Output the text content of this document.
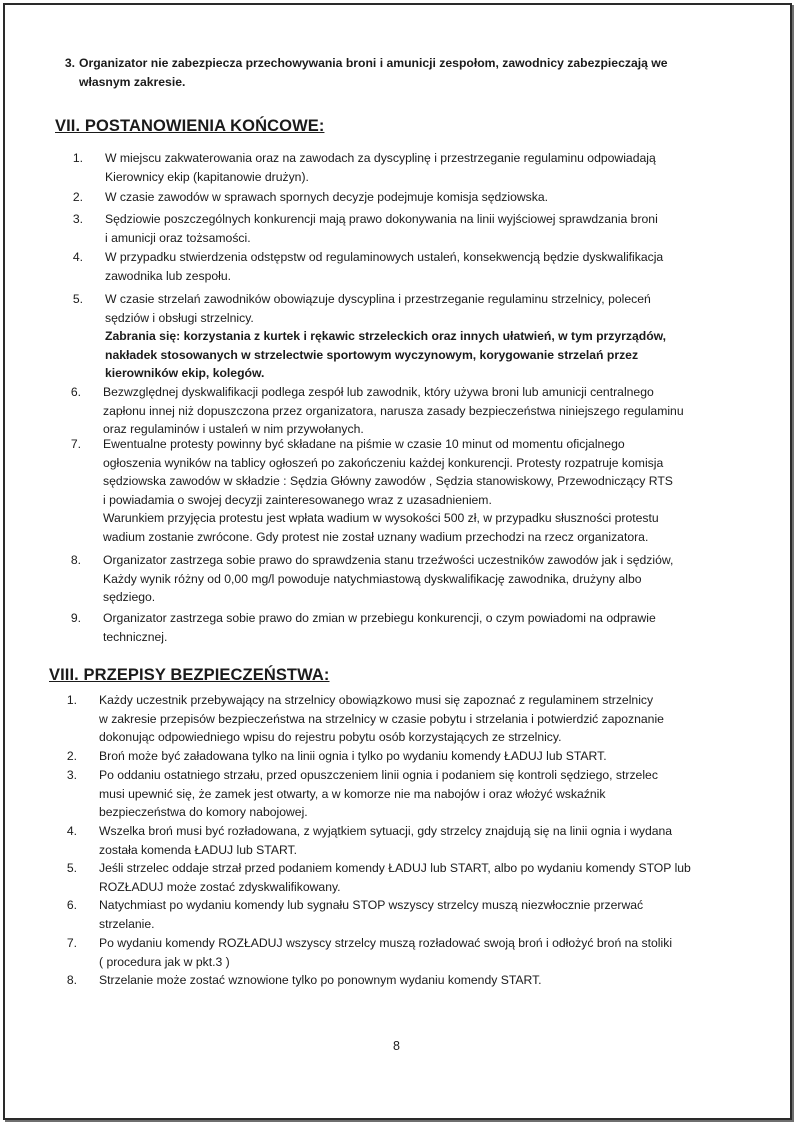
3. Organizator nie zabezpiecza przechowywania broni i amunicji zespołom, zawodnicy zabezpieczają we
własnym zakresie.
VII. POSTANOWIENIA KOŃCOWE:
1. W miejscu zakwaterowania oraz na zawodach za dyscyplinę i przestrzeganie regulaminu odpowiadają
Kierownicy ekip (kapitanowie drużyn).
2. W czasie zawodów w sprawach spornych decyzje podejmuje komisja sędziowska.
3. Sędziowie poszczególnych konkurencji mają prawo dokonywania na linii wyjściowej sprawdzania broni
i amunicji oraz tożsamości.
4. W przypadku stwierdzenia odstępstw od regulaminowych ustaleń, konsekwencją będzie dyskwalifikacja
zawodnika lub zespołu.
5. W czasie strzelań zawodników obowiązuje dyscyplina i przestrzeganie regulaminu strzelnicy, poleceń
sędziów i obsługi strzelnicy.
Zabrania się: korzystania z kurtek i rękawic strzeleckich oraz innych ułatwień, w tym przyrządów,
nakładek stosowanych w strzelectwie sportowym wyczynowym, korygowanie strzelań przez
kierowników ekip, kolegów.
6. Bezwzględnej dyskwalifikacji podlega zespół lub zawodnik, który używa broni lub amunicji centralnego
zapłonu innej niż dopuszczona przez organizatora, narusza zasady bezpieczeństwa niniejszego regulaminu
oraz regulaminów i ustaleń w nim przywołanych.
7. Ewentualne protesty powinny być składane na piśmie w czasie 10 minut od momentu oficjalnego
ogłoszenia wyników na tablicy ogłoszeń po zakończeniu każdej konkurencji. Protesty rozpatruje komisja
sędziowska zawodów w składzie : Sędzia Główny zawodów , Sędzia stanowiskowy, Przewodniczący RTS
i powiadamia o swojej decyzji zainteresowanego wraz z uzasadnieniem.
Warunkiem przyjęcia protestu jest wpłata wadium w wysokości 500 zł, w przypadku słuszności protestu
wadium zostanie zwrócone. Gdy protest nie został uznany wadium przechodzi na rzecz organizatora.
8. Organizator zastrzega sobie prawo do sprawdzenia stanu trzeźwości uczestników zawodów jak i sędziów,
Każdy wynik różny od 0,00 mg/l powoduje natychmiastową dyskwalifikację zawodnika, drużyny albo
sędziego.
9. Organizator zastrzega sobie prawo do zmian w przebiegu konkurencji, o czym powiadomi na odprawie
technicznej.
VIII. PRZEPISY BEZPIECZEŃSTWA:
1. Każdy uczestnik przebywający na strzelnicy obowiązkowo musi się zapoznać z regulaminem strzelnicy
w zakresie przepisów bezpieczeństwa na strzelnicy w czasie pobytu i strzelania i potwierdzić zapoznanie
dokonując odpowiedniego wpisu do rejestru pobytu osób korzystających ze strzelnicy.
2. Broń może być załadowana tylko na linii ognia i tylko po wydaniu komendy ŁADUJ lub START.
3. Po oddaniu ostatniego strzału, przed opuszczeniem linii ognia i podaniem się kontroli sędziego, strzelec
musi upewnić się, że zamek jest otwarty, a w komorze nie ma nabojów i oraz włożyć wskaźnik
bezpieczeństwa do komory nabojowej.
4. Wszelka broń musi być rozładowana, z wyjątkiem sytuacji, gdy strzelcy znajdują się na linii ognia i wydana
została komenda ŁADUJ lub START.
5. Jeśli strzelec oddaje strzał przed podaniem komendy ŁADUJ lub START, albo po wydaniu komendy STOP lub
ROZŁADUJ może zostać zdyskwalifikowany.
6. Natychmiast po wydaniu komendy lub sygnału STOP wszyscy strzelcy muszą niezwłocznie przerwać
strzelanie.
7. Po wydaniu komendy ROZŁADUJ wszyscy strzelcy muszą rozładować swoją broń i odłożyć broń na stoliki
( procedura jak w pkt.3 )
8. Strzelanie może zostać wznowione tylko po ponownym wydaniu komendy START.
8
